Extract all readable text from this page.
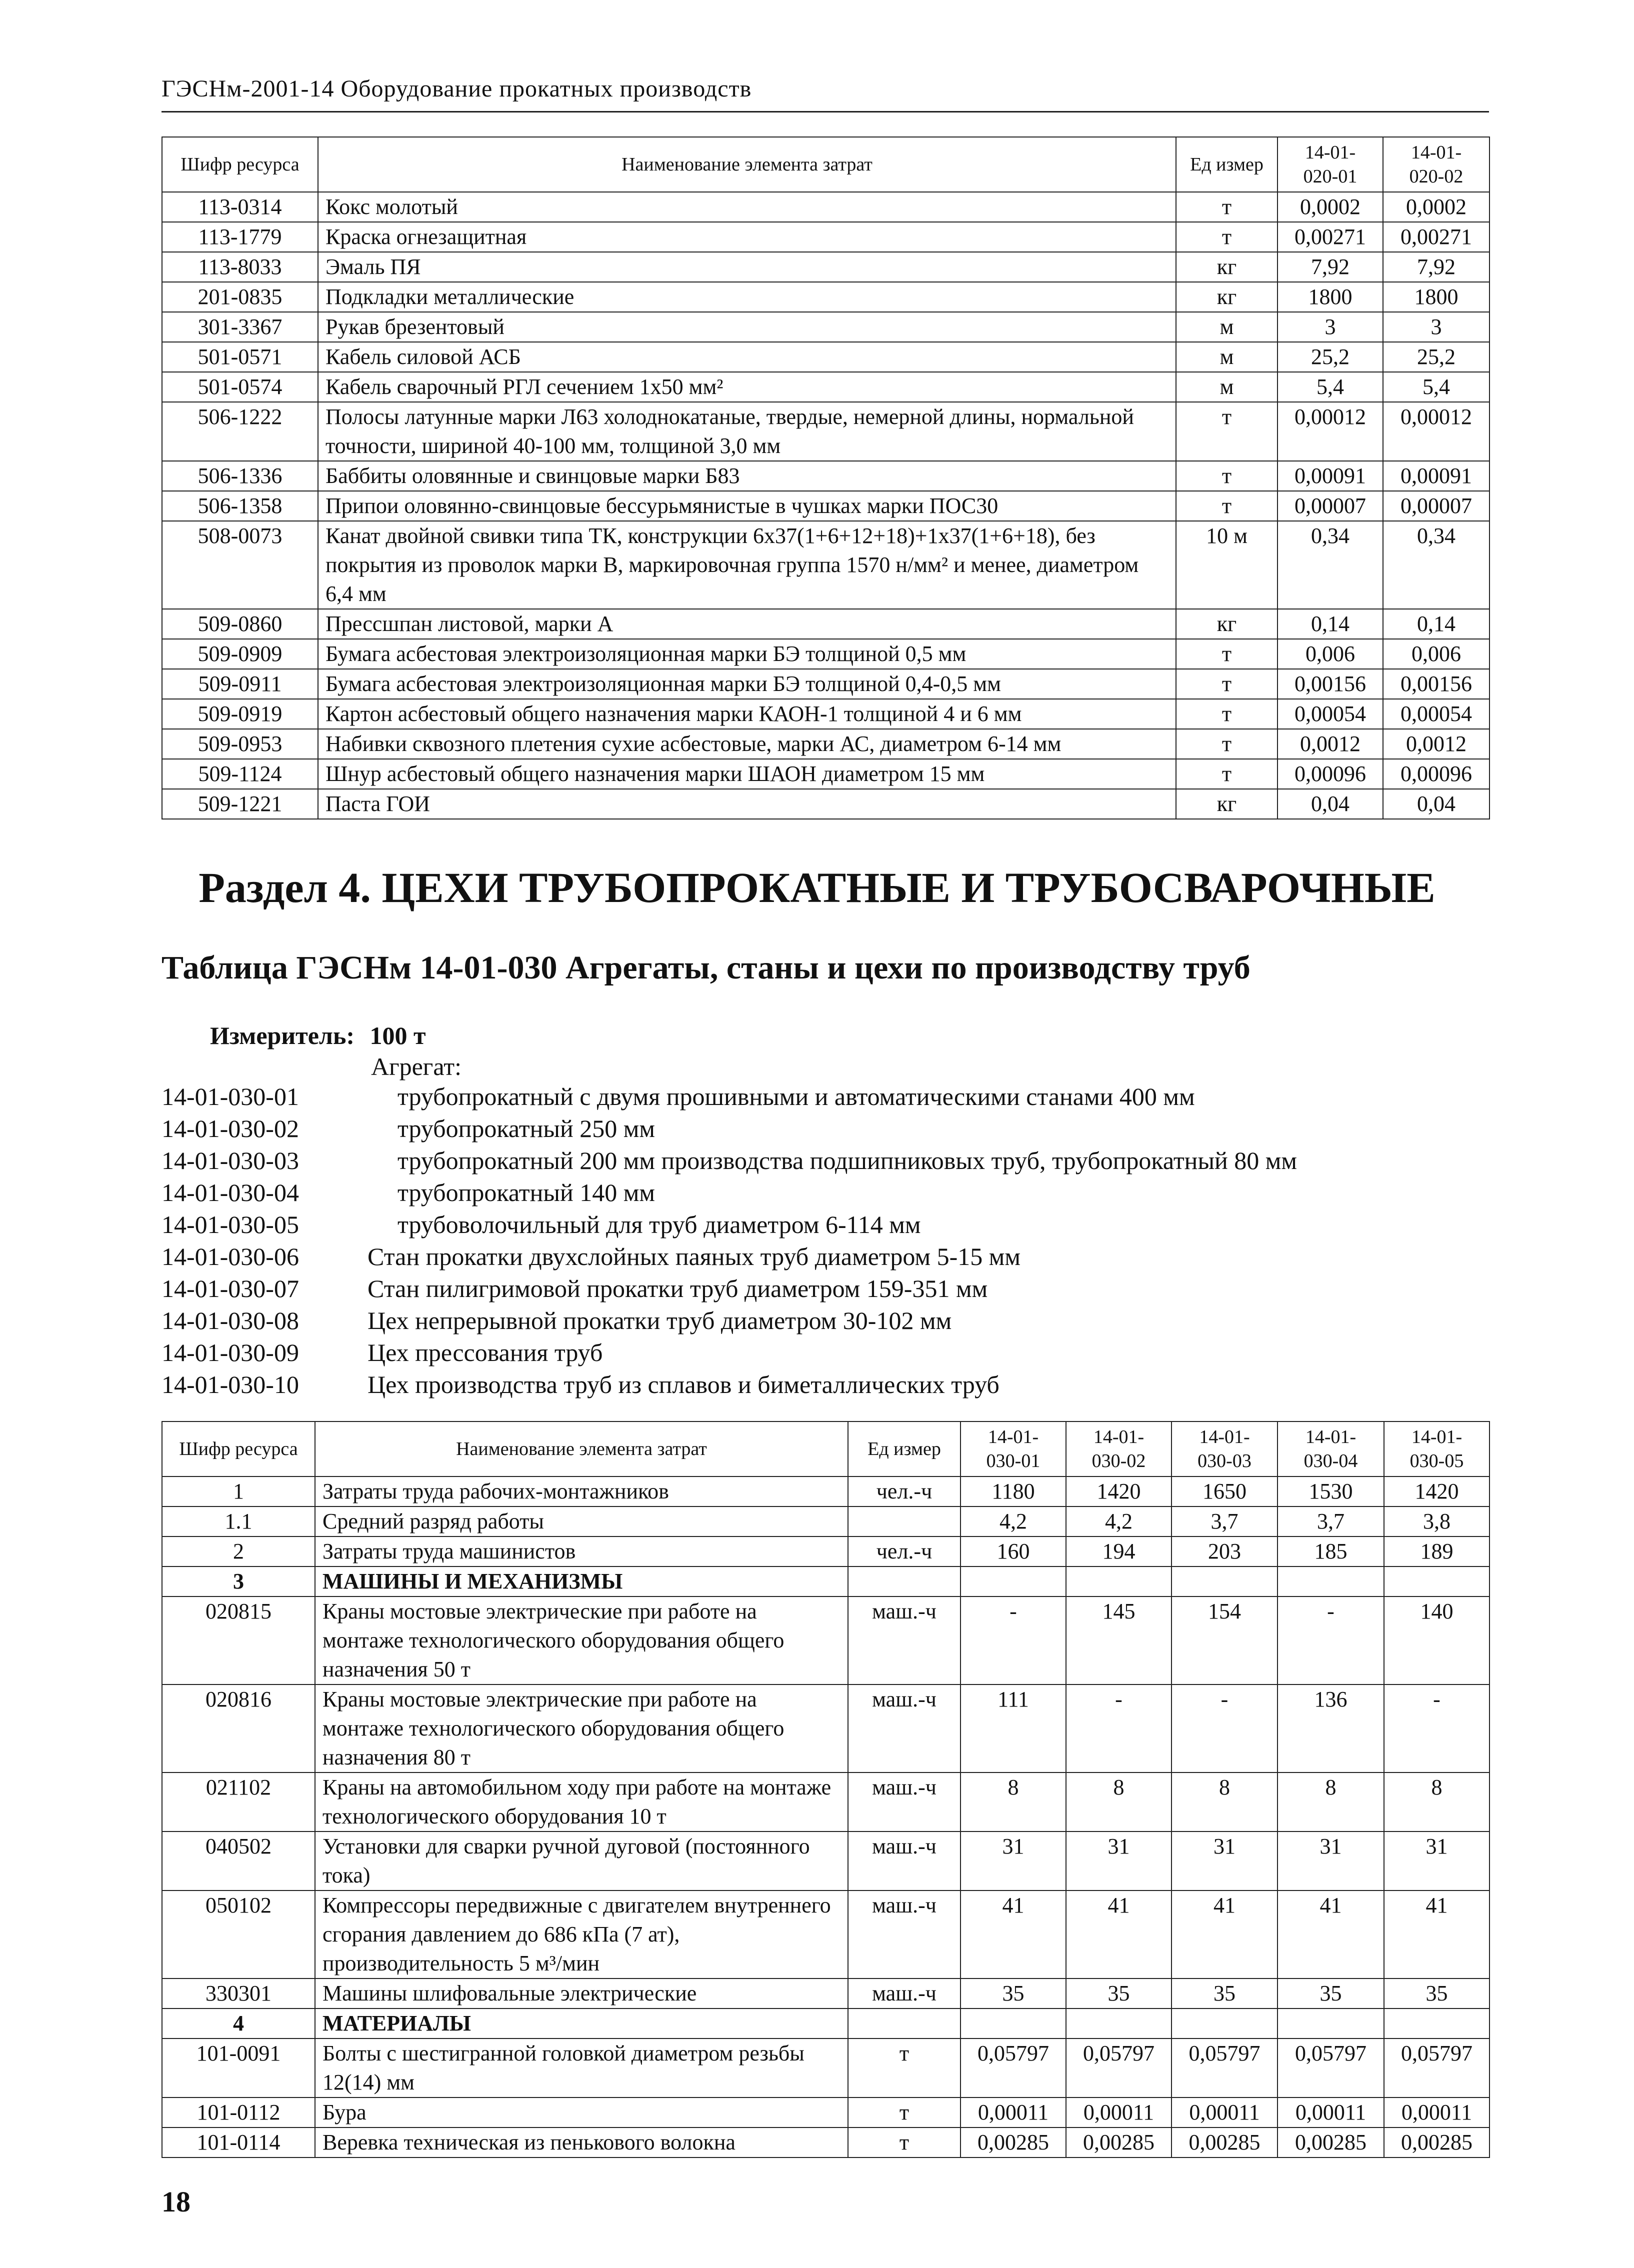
ГЭСНм-2001-14 Оборудование прокатных производств
Шифр ресурса	Наименование элемента затрат	Ед измер	14-01-
020-01	14-01-
020-02
113-0314	Кокс молотый	т	0,0002	0,0002
113-1779	Краска огнезащитная	т	0,00271	0,00271
113-8033	Эмаль ПЯ	кг	7,92	7,92
201-0835	Подкладки металлические	кг	1800	1800
301-3367	Рукав брезентовый	м	3	3
501-0571	Кабель силовой АСБ	м	25,2	25,2
501-0574	Кабель сварочный РГЛ сечением 1х50 мм²	м	5,4	5,4
506-1222	Полосы латунные марки Л63 холоднокатаные, твердые, немерной длины, нормальной точности, шириной 40-100 мм, толщиной 3,0 мм	т	0,00012	0,00012
506-1336	Баббиты оловянные и свинцовые марки Б83	т	0,00091	0,00091
506-1358	Припои оловянно-свинцовые бессурьмянистые в чушках марки ПОС30	т	0,00007	0,00007
508-0073	Канат двойной свивки типа ТК, конструкции 6х37(1+6+12+18)+1х37(1+6+18), без покрытия из проволок марки В, маркировочная группа 1570 н/мм² и менее, диаметром 6,4 мм	10 м	0,34	0,34
509-0860	Прессшпан листовой, марки А	кг	0,14	0,14
509-0909	Бумага асбестовая электроизоляционная марки БЭ толщиной 0,5 мм	т	0,006	0,006
509-0911	Бумага асбестовая электроизоляционная марки БЭ толщиной 0,4-0,5 мм	т	0,00156	0,00156
509-0919	Картон асбестовый общего назначения марки КАОН-1 толщиной 4 и 6 мм	т	0,00054	0,00054
509-0953	Набивки сквозного плетения сухие асбестовые, марки АС, диаметром 6-14 мм	т	0,0012	0,0012
509-1124	Шнур асбестовый общего назначения марки ШАОН диаметром 15 мм	т	0,00096	0,00096
509-1221	Паста ГОИ	кг	0,04	0,04
Раздел 4. ЦЕХИ ТРУБОПРОКАТНЫЕ И ТРУБОСВАРОЧНЫЕ
Таблица ГЭСНм 14-01-030 Агрегаты, станы и цехи по производству труб
Измеритель: 100 т
Агрегат:
14-01-030-01	трубопрокатный с двумя прошивными и автоматическими станами 400 мм
14-01-030-02	трубопрокатный 250 мм
14-01-030-03	трубопрокатный 200 мм производства подшипниковых труб, трубопрокатный 80 мм
14-01-030-04	трубопрокатный 140 мм
14-01-030-05	трубоволочильный для труб диаметром 6-114 мм
14-01-030-06	Стан прокатки двухслойных паяных труб диаметром 5-15 мм
14-01-030-07	Стан пилигримовой прокатки труб диаметром 159-351 мм
14-01-030-08	Цех непрерывной прокатки труб диаметром 30-102 мм
14-01-030-09	Цех прессования труб
14-01-030-10	Цех производства труб из сплавов и биметаллических труб
Шифр ресурса	Наименование элемента затрат	Ед измер	14-01-
030-01	14-01-
030-02	14-01-
030-03	14-01-
030-04	14-01-
030-05
1	Затраты труда рабочих-монтажников	чел.-ч	1180	1420	1650	1530	1420
1.1	Средний разряд работы		4,2	4,2	3,7	3,7	3,8
2	Затраты труда машинистов	чел.-ч	160	194	203	185	189
3	МАШИНЫ И МЕХАНИЗМЫ						
020815	Краны мостовые электрические при работе на монтаже технологического оборудования общего назначения 50 т	маш.-ч	-	145	154	-	140
020816	Краны мостовые электрические при работе на монтаже технологического оборудования общего назначения 80 т	маш.-ч	111	-	-	136	-
021102	Краны на автомобильном ходу при работе на монтаже технологического оборудования 10 т	маш.-ч	8	8	8	8	8
040502	Установки для сварки ручной дуговой (постоянного тока)	маш.-ч	31	31	31	31	31
050102	Компрессоры передвижные с двигателем внутреннего сгорания давлением до 686 кПа (7 ат), производительность 5 м³/мин	маш.-ч	41	41	41	41	41
330301	Машины шлифовальные электрические	маш.-ч	35	35	35	35	35
4	МАТЕРИАЛЫ						
101-0091	Болты с шестигранной головкой диаметром резьбы 12(14) мм	т	0,05797	0,05797	0,05797	0,05797	0,05797
101-0112	Бура	т	0,00011	0,00011	0,00011	0,00011	0,00011
101-0114	Веревка техническая из пенькового волокна	т	0,00285	0,00285	0,00285	0,00285	0,00285
18
